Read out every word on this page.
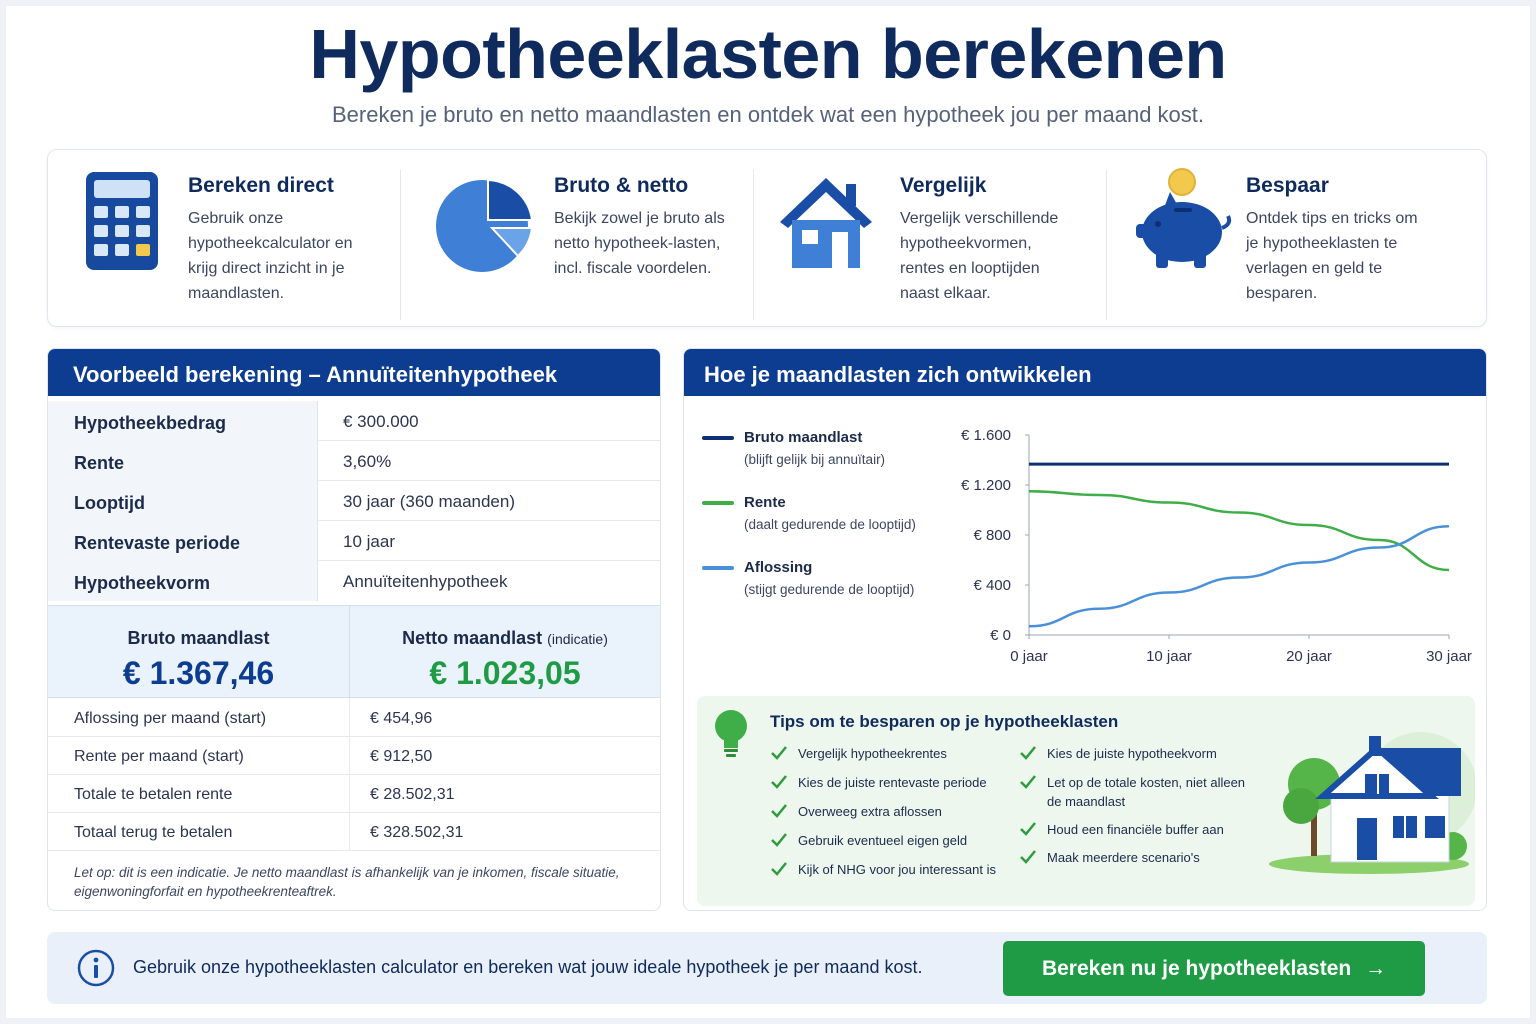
Hypotheeklasten berekenen
Bereken je bruto en netto maandlasten en ontdek wat een hypotheek jou per maand kost.
Bereken direct

Gebruik onze hypotheekcalculator en krijg direct inzicht in je maandlasten.

Bruto & netto

Bekijk zowel je bruto als netto hypotheek-lasten, incl. fiscale voordelen.

Vergelijk

Vergelijk verschillende hypotheekvormen, rentes en looptijden naast elkaar.

Bespaar

Ontdek tips en tricks om je hypotheeklasten te verlagen en geld te besparen.

Voorbeeld berekening – Annuïteitenhypotheek
Hypotheekbedrag	€ 300.000
Rente	3,60%
Looptijd	30 jaar (360 maanden)
Rentevaste periode	10 jaar
Hypotheekvorm	Annuïteitenhypotheek
Bruto maandlast
€ 1.367,46
Netto maandlast (indicatie)
€ 1.023,05
Aflossing per maand (start)	€ 454,96
Rente per maand (start)	€ 912,50
Totale te betalen rente	€ 28.502,31
Totaal terug te betalen	€ 328.502,31
Let op: dit is een indicatie. Je netto maandlast is afhankelijk van je inkomen, fiscale situatie, eigenwoningforfait en hypotheekrenteaftrek.
Hoe je maandlasten zich ontwikkelen
Bruto maandlast
(blijft gelijk bij annuïtair)
Rente
(daalt gedurende de looptijd)
Aflossing
(stijgt gedurende de looptijd)
€ 0
€ 400
€ 800
€ 1.200
€ 1.600
0 jaar	10 jaar	20 jaar	30 jaar
Tips om te besparen op je hypotheeklasten
Vergelijk hypotheekrentes
Kies de juiste rentevaste periode
Overweeg extra aflossen
Gebruik eventueel eigen geld
Kijk of NHG voor jou interessant is
Kies de juiste hypotheekvorm
Let op de totale kosten, niet alleen de maandlast
Houd een financiële buffer aan
Maak meerdere scenario's
Gebruik onze hypotheeklasten calculator en bereken wat jouw ideale hypotheek je per maand kost.	Bereken nu je hypotheeklasten →
